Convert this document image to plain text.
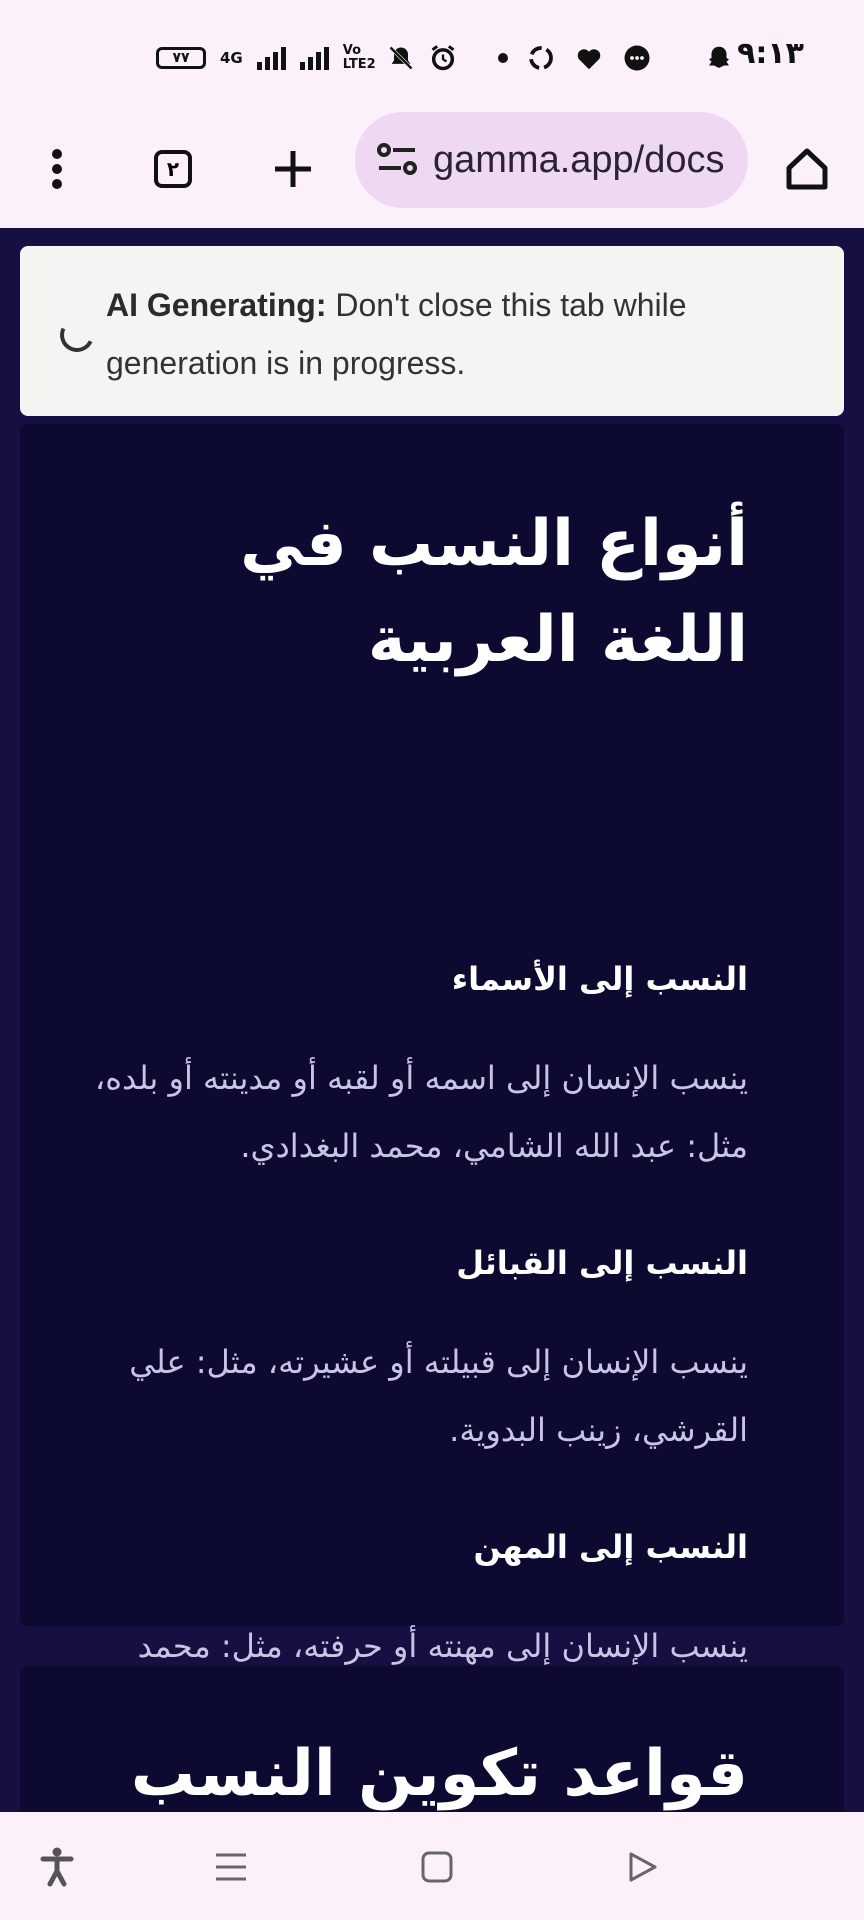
٧٧ 4G	Vo LTE2	٩:١٣
٢	gamma.app/docs
أنواع النسب في اللغة العربية
النسب إلى الأسماء

ينسب الإنسان إلى اسمه أو لقبه أو مدينته أو بلده، مثل: عبد الله الشامي، محمد البغدادي.

النسب إلى القبائل

ينسب الإنسان إلى قبيلته أو عشيرته، مثل: علي القرشي، زينب البدوية.

النسب إلى المهن

ينسب الإنسان إلى مهنته أو حرفته، مثل: محمد

قواعد تكوين النسب
AI Generating: Don't close this tab while generation is in progress.
